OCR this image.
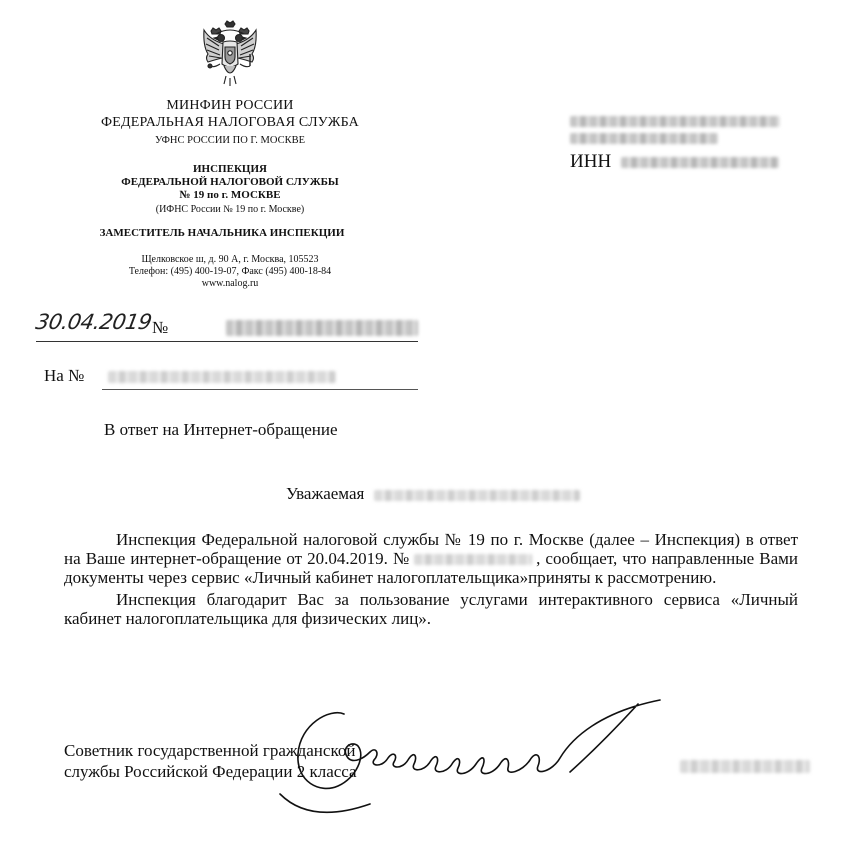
МИНФИН РОССИИ
ФЕДЕРАЛЬНАЯ НАЛОГОВАЯ СЛУЖБА
УФНС РОССИИ ПО Г. МОСКВЕ
ИНСПЕКЦИЯ
ФЕДЕРАЛЬНОЙ НАЛОГОВОЙ СЛУЖБЫ
№ 19 по г. МОСКВЕ
(ИФНС России № 19 по г. Москве)
ЗАМЕСТИТЕЛЬ НАЧАЛЬНИКА ИНСПЕКЦИИ
Щелковское ш, д. 90 А, г. Москва, 105523
Телефон: (495) 400-19-07, Факс (495) 400-18-84
www.nalog.ru
ИНН
30.04.2019
№
На №
В ответ на Интернет-обращение
Уважаемая

Инспекция Федеральной налоговой службы № 19 по г. Москве (далее – Инспекция) в ответ на Ваше интернет-обращение от 20.04.2019. №	, сообщает, что направленные Вами документы через сервис «Личный кабинет налогоплательщика»приняты к рассмотрению.

Инспекция благодарит Вас за пользование услугами интерактивного сервиса «Личный кабинет налогоплательщика для физических лиц».

Советник государственной гражданской
службы Российской Федерации 2 класса
